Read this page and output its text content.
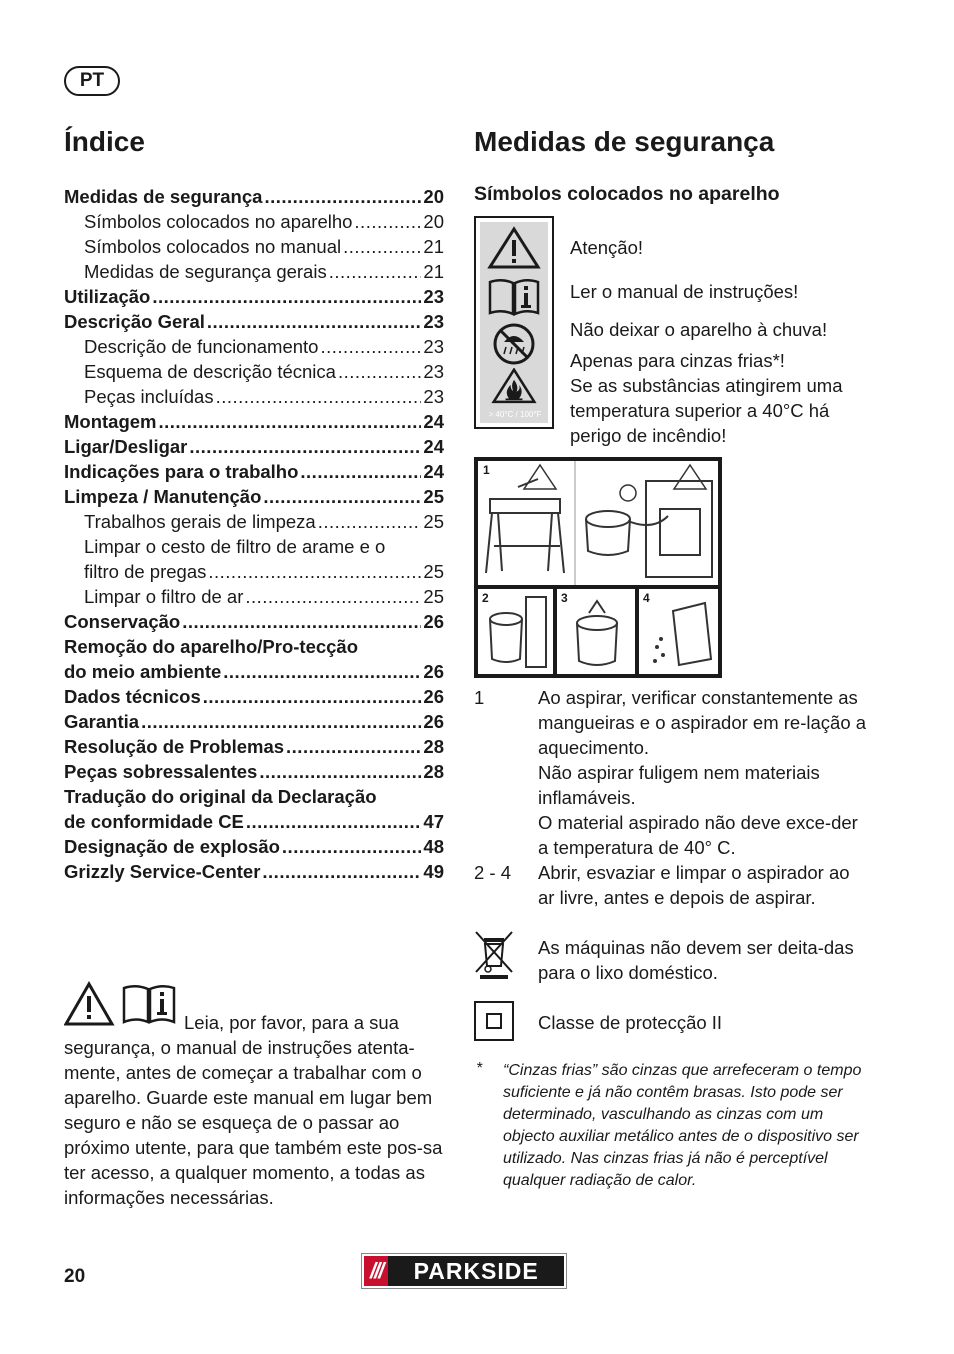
PT
Índice
Medidas de segurança .....	20
Símbolos colocados no aparelho .....	20
Símbolos colocados no manual .....	21
Medidas de segurança gerais .....	21
Utilização .....	23
Descrição Geral .....	23
Descrição de funcionamento .....	23
Esquema de descrição técnica .....	23
Peças incluídas .....	23
Montagem .....	24
Ligar/Desligar .....	24
Indicações para o trabalho .....	24
Limpeza / Manutenção .....	25
Trabalhos gerais de limpeza .....	25
Limpar o cesto de filtro de arame e o
filtro de pregas .....	25
Limpar o filtro de ar .....	25
Conservação .....	26
Remoção do aparelho/Pro-tecção
do meio ambiente .....	26
Dados técnicos .....	26
Garantia .....	26
Resolução de Problemas .....	28
Peças sobressalentes .....	28
Tradução do original da Declaração
de conformidade CE .....	47
Designação de explosão .....	48
Grizzly Service-Center .....	49
Medidas de segurança
Símbolos colocados no aparelho
> 40°C / 100°F
Atenção!
Ler o manual de instruções!
Não deixar o aparelho à chuva!
Apenas para cinzas frias*!
Se as substâncias atingirem uma temperatura superior a 40°C há perigo de incêndio!
1
2	3	4
1	Ao aspirar, verificar constantemente as mangueiras e o aspirador em re-lação a aquecimento.
Não aspirar fuligem nem materiais inflamáveis.
O material aspirado não deve exce-der a temperatura de 40° C.
2 - 4 Abrir, esvaziar e limpar o aspirador ao ar livre, antes e depois de aspirar.
As máquinas não devem ser deita-das para o lixo doméstico.
Classe de protecção II
* “Cinzas frias” são cinzas que arrefeceram o tempo suficiente e já não contêm brasas. Isto pode ser determinado, vasculhando as cinzas com um objecto auxiliar metálico antes de o dispositivo ser utilizado. Nas cinzas frias já não é perceptível qualquer radiação de calor.
Leia, por favor, para a sua segurança, o manual de instruções atenta-mente, antes de começar a trabalhar com o aparelho. Guarde este manual em lugar bem seguro e não se esqueça de o passar ao próximo utente, para que também este pos-sa ter acesso, a qualquer momento, a todas as informações necessárias.
20	///	PARKSIDE
